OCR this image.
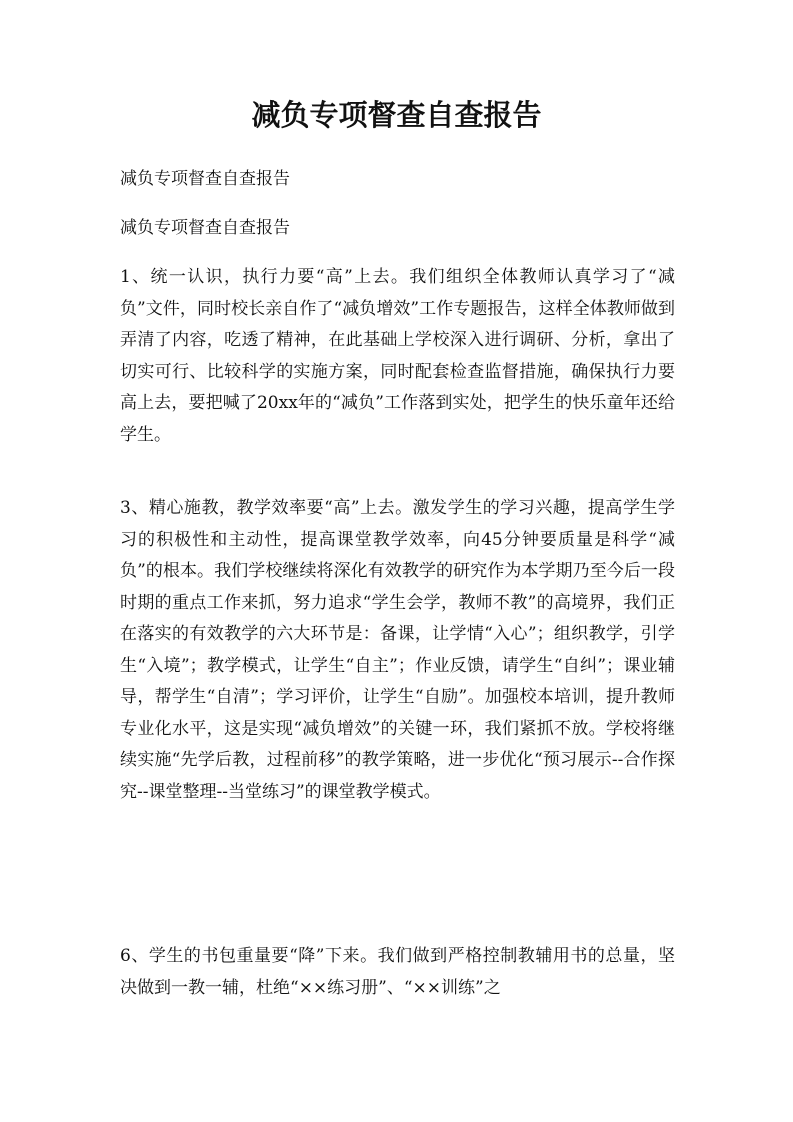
减负专项督查自查报告

减负专项督查自查报告

减负专项督查自查报告

1、统一认识，执行力要“高”上去。我们组织全体教师认真学习了“减负”文件，同时校长亲自作了“减负增效”工作专题报告，这样全体教师做到弄清了内容，吃透了精神，在此基础上学校深入进行调研、分析，拿出了切实可行、比较科学的实施方案，同时配套检查监督措施，确保执行力要高上去，要把喊了20xx年的“减负”工作落到实处，把学生的快乐童年还给学生。

3、精心施教，教学效率要“高”上去。激发学生的学习兴趣，提高学生学习的积极性和主动性，提高课堂教学效率，向45分钟要质量是科学“减负”的根本。我们学校继续将深化有效教学的研究作为本学期乃至今后一段时期的重点工作来抓，努力追求“学生会学，教师不教”的高境界，我们正在落实的有效教学的六大环节是：备课，让学情“入心”；组织教学，引学生“入境”；教学模式，让学生“自主”；作业反馈，请学生“自纠”；课业辅导，帮学生“自清”；学习评价，让学生“自励”。加强校本培训，提升教师专业化水平，这是实现“减负增效”的关键一环，我们紧抓不放。学校将继续实施“先学后教，过程前移”的教学策略，进一步优化“预习展示--合作探究--课堂整理--当堂练习”的课堂教学模式。

6、学生的书包重量要“降”下来。我们做到严格控制教辅用书的总量，坚决做到一教一辅，杜绝“××练习册”、“××训练”之
